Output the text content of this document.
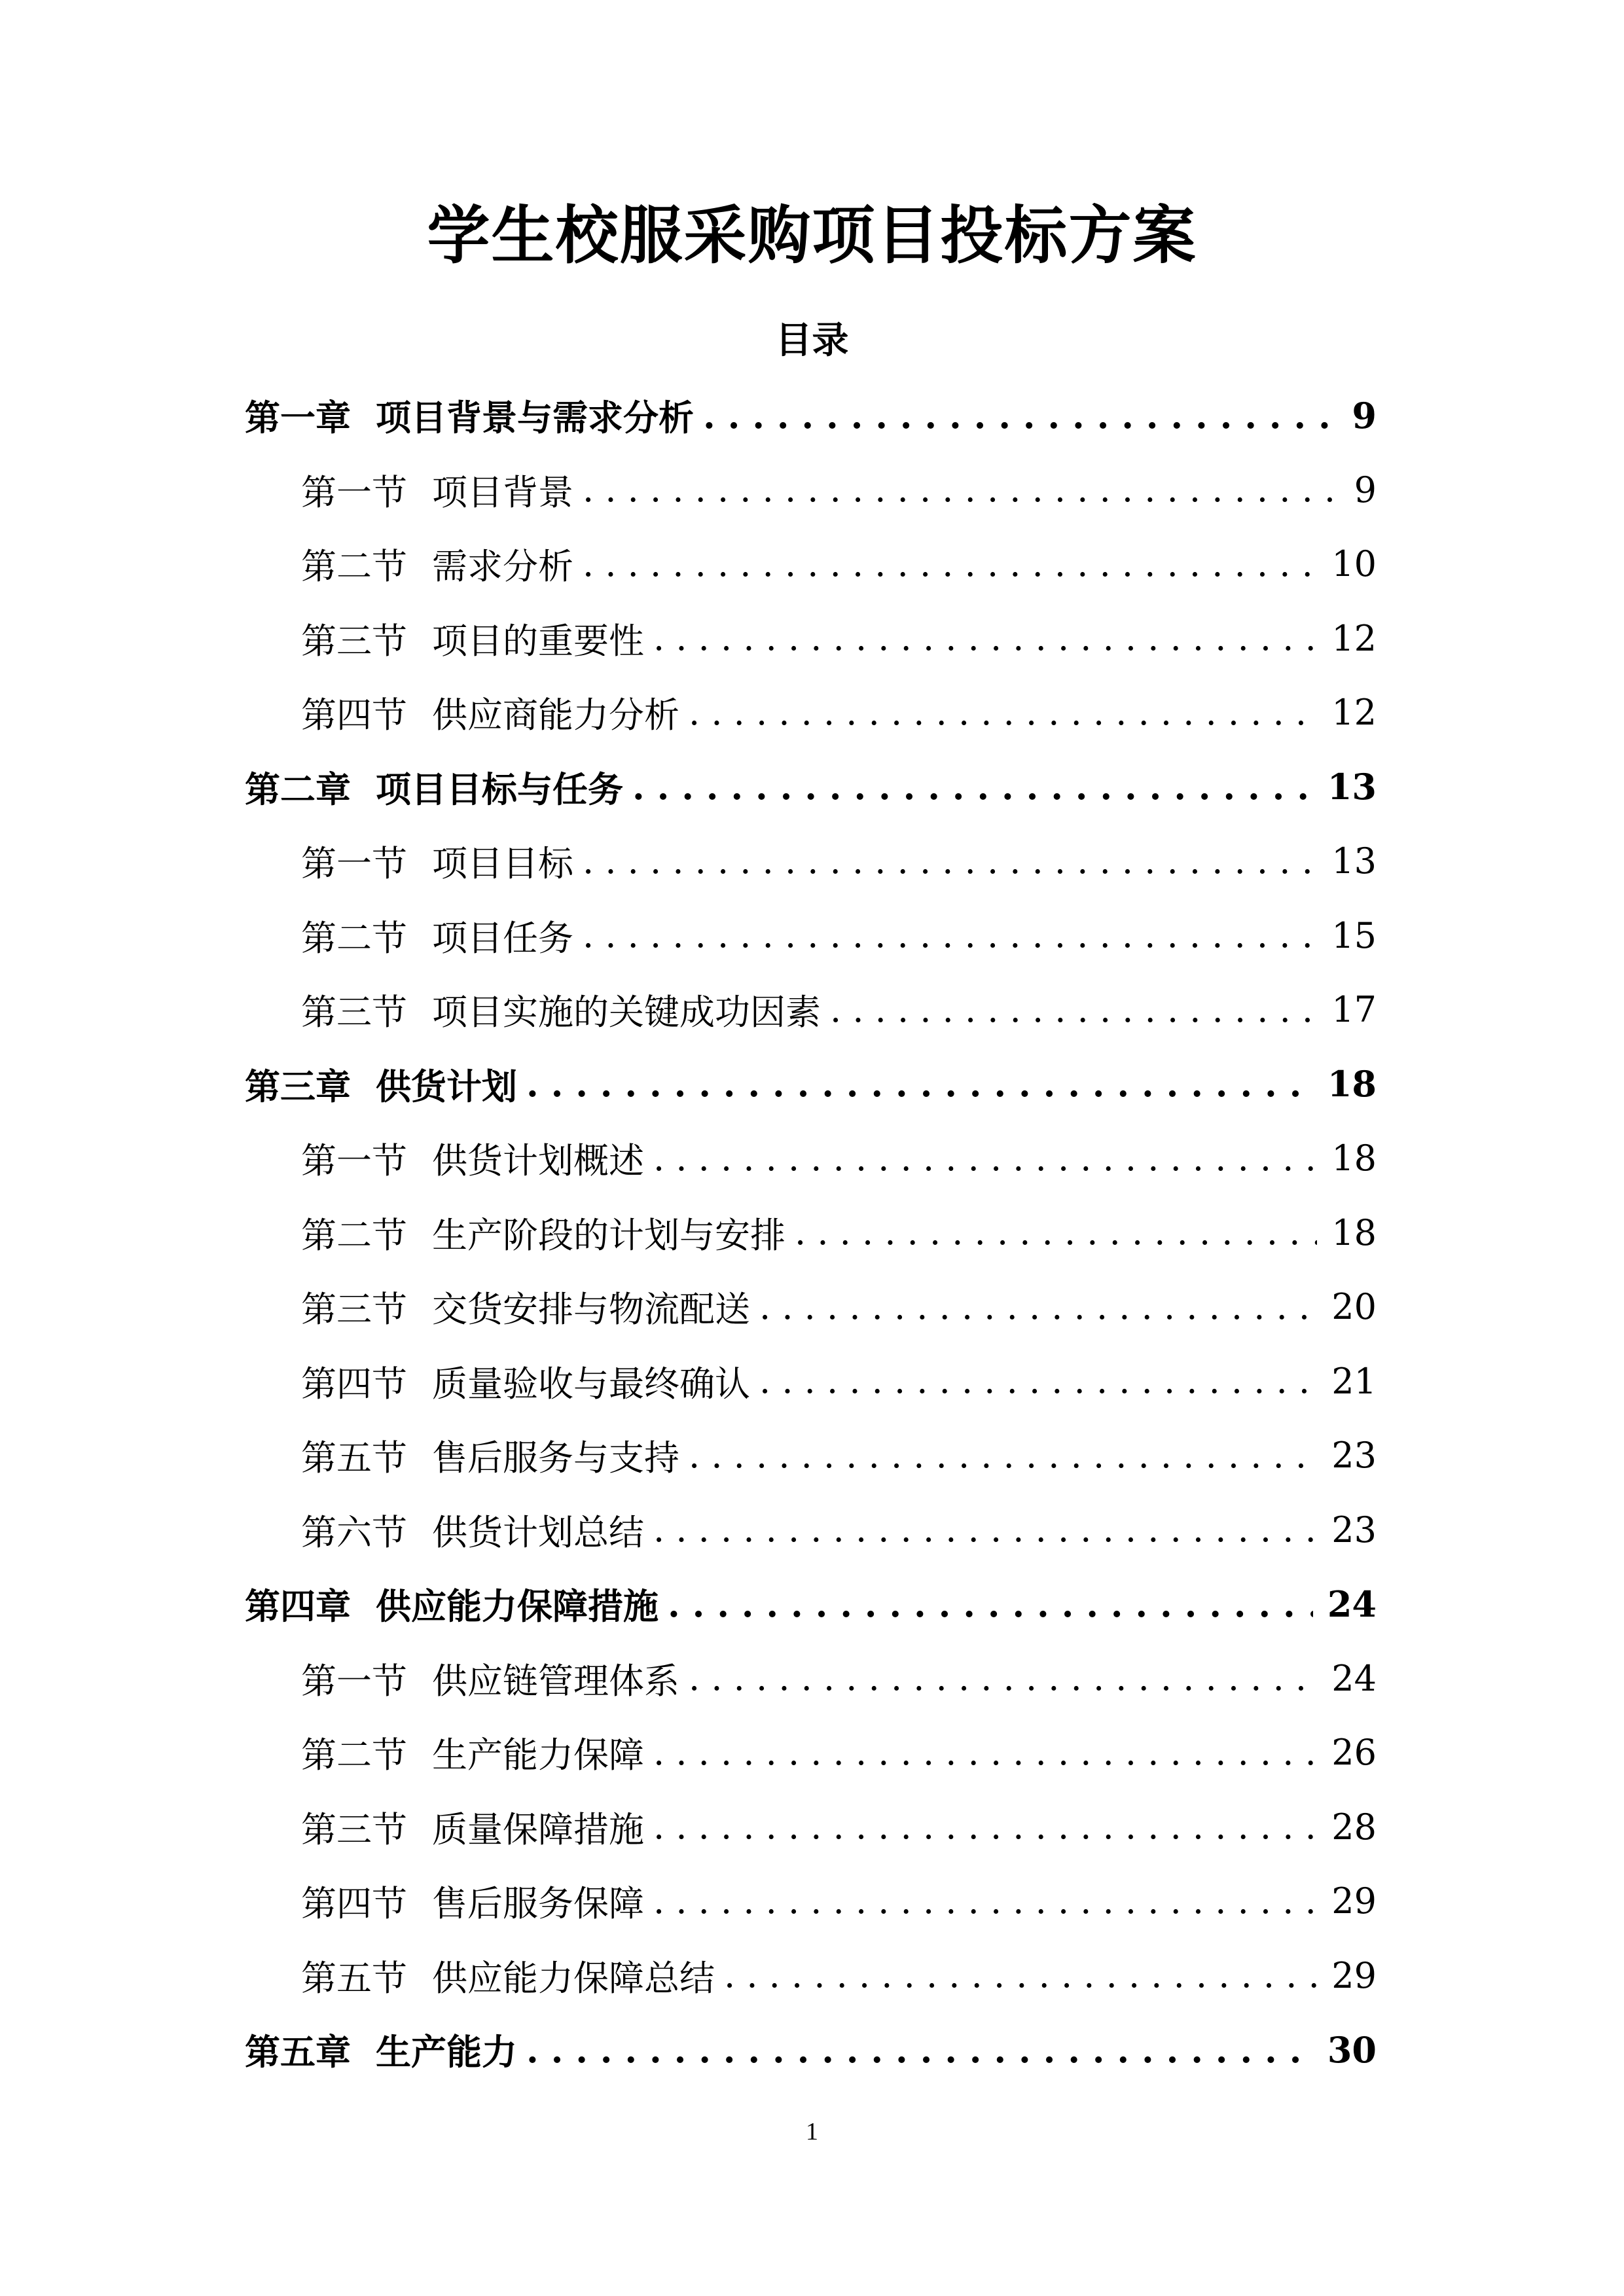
学生校服采购项目投标方案
目录
第一章 项目背景与需求分析 . . .	9
第一节 项目背景 . . .	9
第二节 需求分析 . . .	10
第三节 项目的重要性 . . .	12
第四节 供应商能力分析 . . .	12
第二章 项目目标与任务 . . .	13
第一节 项目目标 . . .	13
第二节 项目任务 . . .	15
第三节 项目实施的关键成功因素 . . .	17
第三章 供货计划 . . .	18
第一节 供货计划概述 . . .	18
第二节 生产阶段的计划与安排 . . .	18
第三节 交货安排与物流配送 . . .	20
第四节 质量验收与最终确认 . . .	21
第五节 售后服务与支持 . . .	23
第六节 供货计划总结 . . .	23
第四章 供应能力保障措施 . . .	24
第一节 供应链管理体系 . . .	24
第二节 生产能力保障 . . .	26
第三节 质量保障措施 . . .	28
第四节 售后服务保障 . . .	29
第五节 供应能力保障总结 . . .	29
第五章 生产能力 . . .	30
1
